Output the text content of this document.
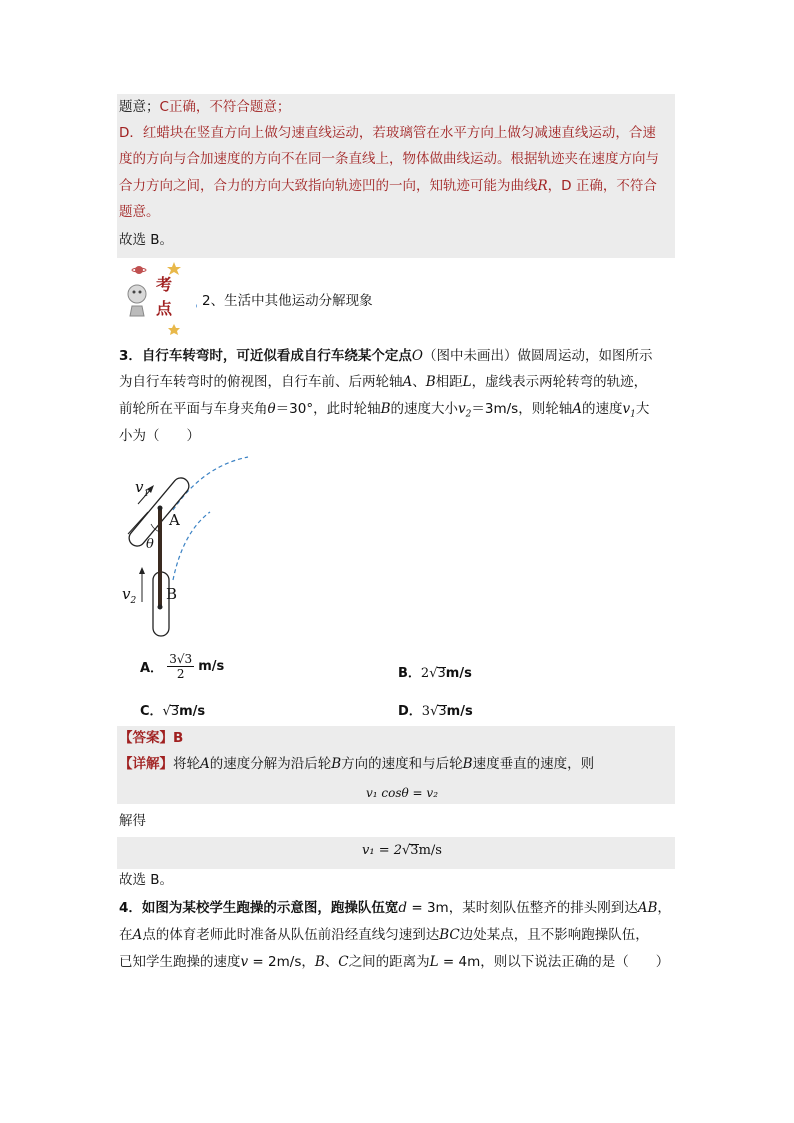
题意；C正确，不符合题意；
D．红蜡块在竖直方向上做匀速直线运动，若玻璃管在水平方向上做匀减速直线运动，合速
度的方向与合加速度的方向不在同一条直线上，物体做曲线运动。根据轨迹夹在速度方向与
合力方向之间，合力的方向大致指向轨迹凹的一向，知轨迹可能为曲线R，D 正确，不符合
题意。
故选 B。
考
点 2、生活中其他运动分解现象
3．自行车转弯时，可近似看成自行车绕某个定点O（图中未画出）做圆周运动，如图所示
为自行车转弯时的俯视图，自行车前、后两轮轴A、B相距L，虚线表示两轮转弯的轨迹，
前轮所在平面与车身夹角θ＝30°，此时轮轴B的速度大小$v_2=3m/s$，则轮轴A的速度$v_1$大
小为（　　）
$v_1$
A
θ
$v_2$ B
A． $\frac{3√3}{2} m/s$	B．2√3m/s
C．√3m/s	D．3√3m/s
【答案】B
【详解】将轮A的速度分解为沿后轮B方向的速度和与后轮B速度垂直的速度，则
v₁ cosθ = v₂
解得
v₁ = 2√3m/s
故选 B。
4．如图为某校学生跑操的示意图，跑操队伍宽d = 3m，某时刻队伍整齐的排头刚到达AB，
在A点的体育老师此时准备从队伍前沿经直线匀速到达BC边处某点，且不影响跑操队伍，
已知学生跑操的速度v = 2m/s，B、C之间的距离为L = 4m，则以下说法正确的是（　　）
